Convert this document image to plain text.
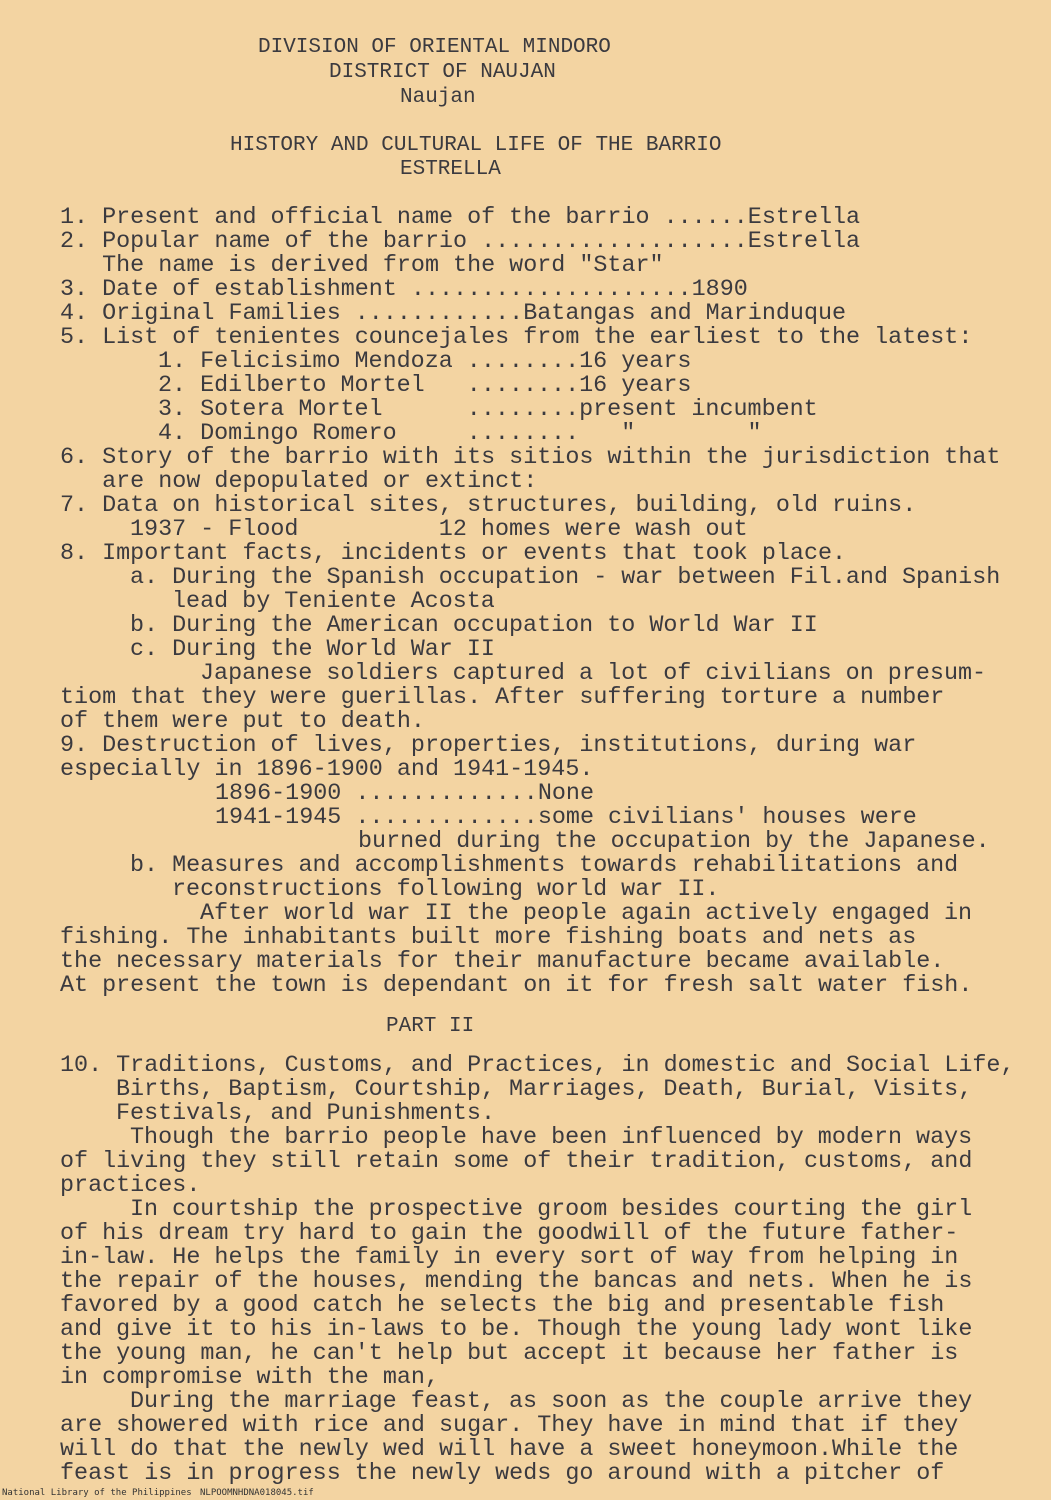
DIVISION OF ORIENTAL MINDORO
DISTRICT OF NAUJAN
Naujan
HISTORY AND CULTURAL LIFE OF THE BARRIO
ESTRELLA
1. Present and official name of the barrio ......Estrella
2. Popular name of the barrio ...................Estrella
The name is derived from the word "Star"
3. Date of establishment ....................1890
4. Original Families ............Batangas and Marinduque
5. List of tenientes councejales from the earliest to the latest:
1. Felicisimo Mendoza ........16 years
2. Edilberto Mortel   ........16 years
3. Sotera Mortel      ........present incumbent
4. Domingo Romero     ........   "        "
6. Story of the barrio with its sitios within the jurisdiction that
are now depopulated or extinct:
7. Data on historical sites, structures, building, old ruins.
1937 - Flood          12 homes were wash out
8. Important facts, incidents or events that took place.
a. During the Spanish occupation - war between Fil.and Spanish
lead by Teniente Acosta
b. During the American occupation to World War II
c. During the World War II
Japanese soldiers captured a lot of civilians on presum-
tiom that they were guerillas. After suffering torture a number
of them were put to death.
9. Destruction of lives, properties, institutions, during war
especially in 1896-1900 and 1941-1945.
1896-1900 .............None
1941-1945 .............some civilians' houses were
burned during the occupation by the Japanese.
b. Measures and accomplishments towards rehabilitations and
reconstructions following world war II.
After world war II the people again actively engaged in
fishing. The inhabitants built more fishing boats and nets as
the necessary materials for their manufacture became available.
At present the town is dependant on it for fresh salt water fish.
PART II
10. Traditions, Customs, and Practices, in domestic and Social Life,
Births, Baptism, Courtship, Marriages, Death, Burial, Visits,
Festivals, and Punishments.
Though the barrio people have been influenced by modern ways
of living they still retain some of their tradition, customs, and
practices.
In courtship the prospective groom besides courting the girl
of his dream try hard to gain the goodwill of the future father-
in-law. He helps the family in every sort of way from helping in
the repair of the houses, mending the bancas and nets. When he is
favored by a good catch he selects the big and presentable fish
and give it to his in-laws to be. Though the young lady wont like
the young man, he can't help but accept it because her father is
in compromise with the man,
During the marriage feast, as soon as the couple arrive they
are showered with rice and sugar. They have in mind that if they
will do that the newly wed will have a sweet honeymoon.While the
feast is in progress the newly weds go around with a pitcher of
National Library of the Philippines NLPOOMNHDNA018045.tif
